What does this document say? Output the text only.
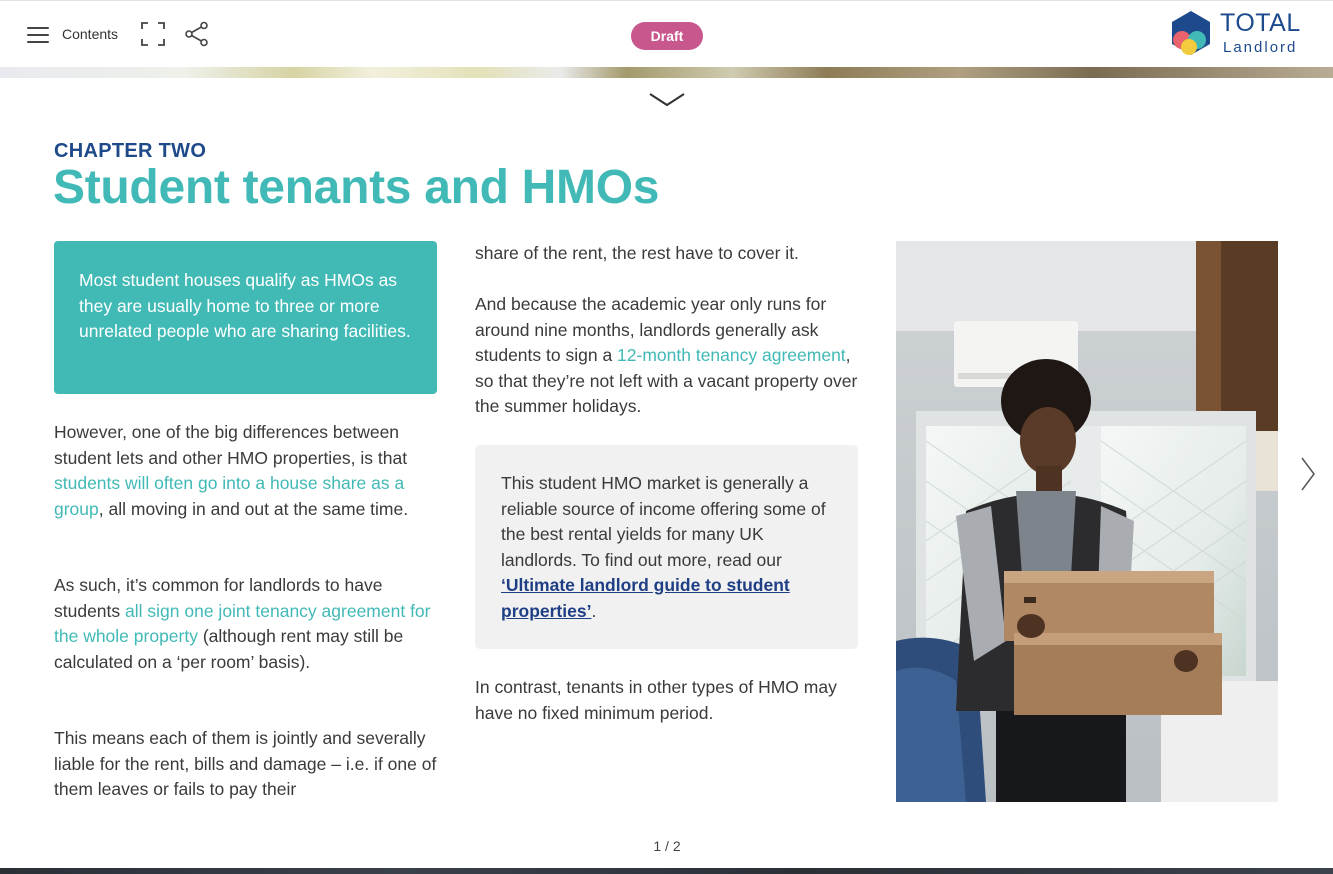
Contents	Draft	TOTAL
Landlord
CHAPTER TWO
Student tenants and HMOs
Most student houses qualify as HMOs as they are usually home to three or more unrelated people who are sharing facilities.

However, one of the big differences between student lets and other HMO properties, is that students will often go into a house share as a group, all moving in and out at the same time.

As such, it’s common for landlords to have students all sign one joint tenancy agreement for the whole property (although rent may still be calculated on a ‘per room’ basis).

This means each of them is jointly and severally liable for the rent, bills and damage – i.e. if one of them leaves or fails to pay their

share of the rent, the rest have to cover it.

And because the academic year only runs for around nine months, landlords generally ask students to sign a 12-month tenancy agreement, so that they’re not left with a vacant property over the summer holidays.

This student HMO market is generally a reliable source of income offering some of the best rental yields for many UK landlords. To find out more, read our ‘Ultimate landlord guide to student properties’.

In contrast, tenants in other types of HMO may have no fixed minimum period.

1 / 2
